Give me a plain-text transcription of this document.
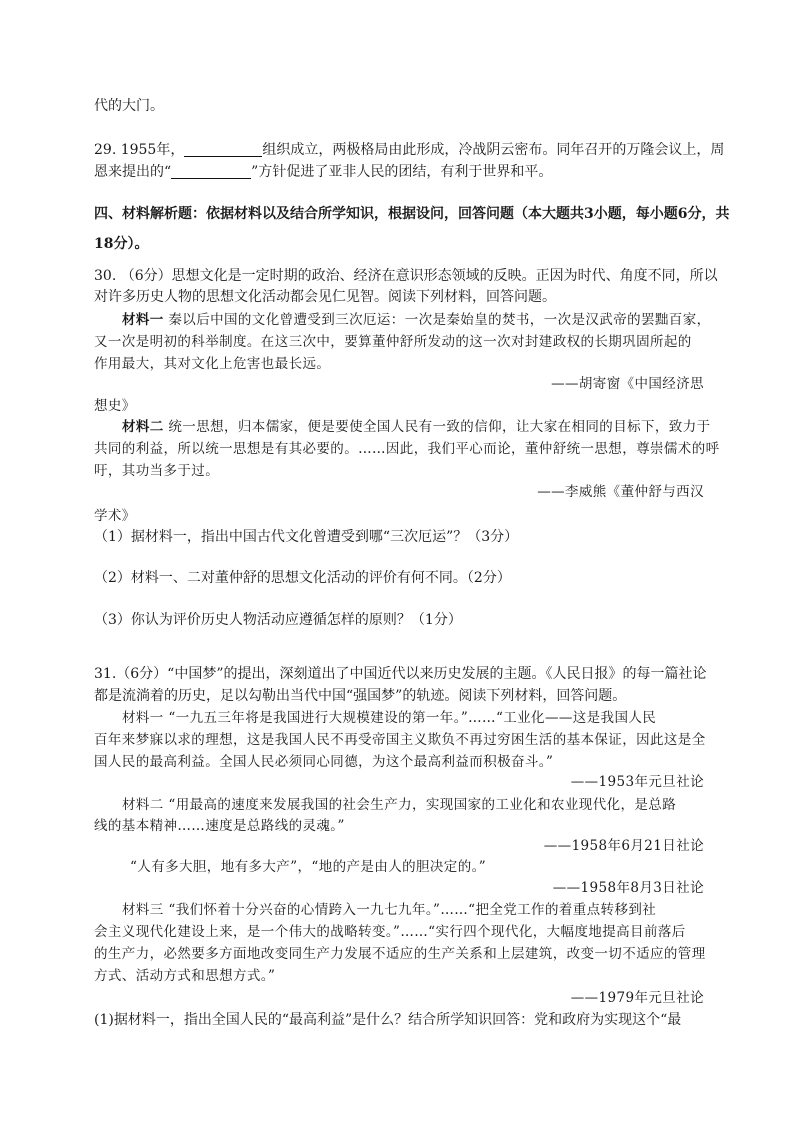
代的大门。
29. 1955年，	组织成立，两极格局由此形成，冷战阴云密布。同年召开的万隆会议上，周
恩来提出的“	”方针促进了亚非人民的团结，有利于世界和平。
四、材料解析题：依据材料以及结合所学知识，根据设问，回答问题（本大题共3小题，每小题6分，共
18分）。
30. （6分）思想文化是一定时期的政治、经济在意识形态领域的反映。正因为时代、角度不同，所以
对许多历史人物的思想文化活动都会见仁见智。阅读下列材料，回答问题。
材料一 秦以后中国的文化曾遭受到三次厄运：一次是秦始皇的焚书，一次是汉武帝的罢黜百家，
又一次是明初的科举制度。在这三次中，要算董仲舒所发动的这一次对封建政权的长期巩固所起的
作用最大，其对文化上危害也最长远。
——胡寄窗《中国经济思
想史》
材料二 统一思想，归本儒家，便是要使全国人民有一致的信仰，让大家在相同的目标下，致力于
共同的利益，所以统一思想是有其必要的。……因此，我们平心而论，董仲舒统一思想，尊崇儒术的呼
吁，其功当多于过。
——李威熊《董仲舒与西汉
学术》
（1）据材料一，指出中国古代文化曾遭受到哪“三次厄运”？（3分）
（2）材料一、二对董仲舒的思想文化活动的评价有何不同。（2分）
（3）你认为评价历史人物活动应遵循怎样的原则？（1分）
31.（6分）“中国梦”的提出，深刻道出了中国近代以来历史发展的主题。《人民日报》的每一篇社论
都是流淌着的历史，足以勾勒出当代中国“强国梦”的轨迹。阅读下列材料，回答问题。
材料一 “一九五三年将是我国进行大规模建设的第一年。”……“工业化——这是我国人民
百年来梦寐以求的理想，这是我国人民不再受帝国主义欺负不再过穷困生活的基本保证，因此这是全
国人民的最高利益。全国人民必须同心同德，为这个最高利益而积极奋斗。”
——1953年元旦社论
材料二 “用最高的速度来发展我国的社会生产力，实现国家的工业化和农业现代化，是总路
线的基本精神……速度是总路线的灵魂。”
——1958年6月21日社论
“人有多大胆，地有多大产”，“地的产是由人的胆决定的。”
——1958年8月3日社论
材料三 “我们怀着十分兴奋的心情跨入一九七九年。”……“把全党工作的着重点转移到社
会主义现代化建设上来，是一个伟大的战略转变。”……“实行四个现代化，大幅度地提高目前落后
的生产力，必然要多方面地改变同生产力发展不适应的生产关系和上层建筑，改变一切不适应的管理
方式、活动方式和思想方式。”
——1979年元旦社论
(1)据材料一，指出全国人民的“最高利益”是什么？结合所学知识回答：党和政府为实现这个“最
